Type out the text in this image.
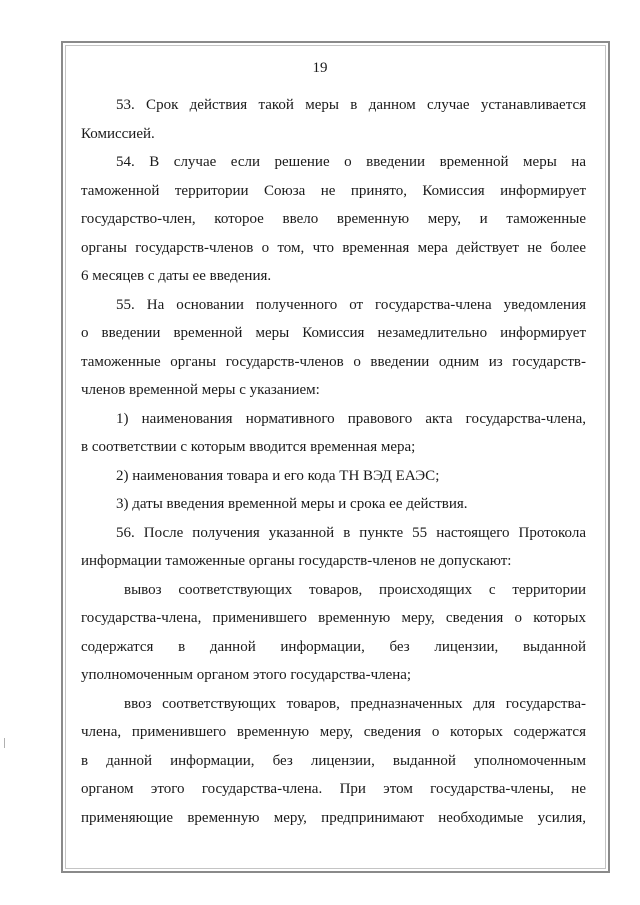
19
53. Срок действия такой меры в данном случае устанавливается
Комиссией.
54. В случае если решение о введении временной меры на
таможенной территории Союза не принято, Комиссия информирует
государство-член, которое ввело временную меру, и таможенные
органы государств-членов о том, что временная мера действует не более
6 месяцев с даты ее введения.
55. На основании полученного от государства-члена уведомления
о введении временной меры Комиссия незамедлительно информирует
таможенные органы государств-членов о введении одним из государств-
членов временной меры с указанием:
1) наименования нормативного правового акта государства-члена,
в соответствии с которым вводится временная мера;
2) наименования товара и его кода ТН ВЭД ЕАЭС;
3) даты введения временной меры и срока ее действия.
56. После получения указанной в пункте 55 настоящего Протокола
информации таможенные органы государств-членов не допускают:
вывоз соответствующих товаров, происходящих с территории
государства-члена, применившего временную меру, сведения о которых
содержатся в данной информации, без лицензии, выданной
уполномоченным органом этого государства-члена;
ввоз соответствующих товаров, предназначенных для государства-
члена, применившего временную меру, сведения о которых содержатся
в данной информации, без лицензии, выданной уполномоченным
органом этого государства-члена. При этом государства-члены, не
применяющие временную меру, предпринимают необходимые усилия,
